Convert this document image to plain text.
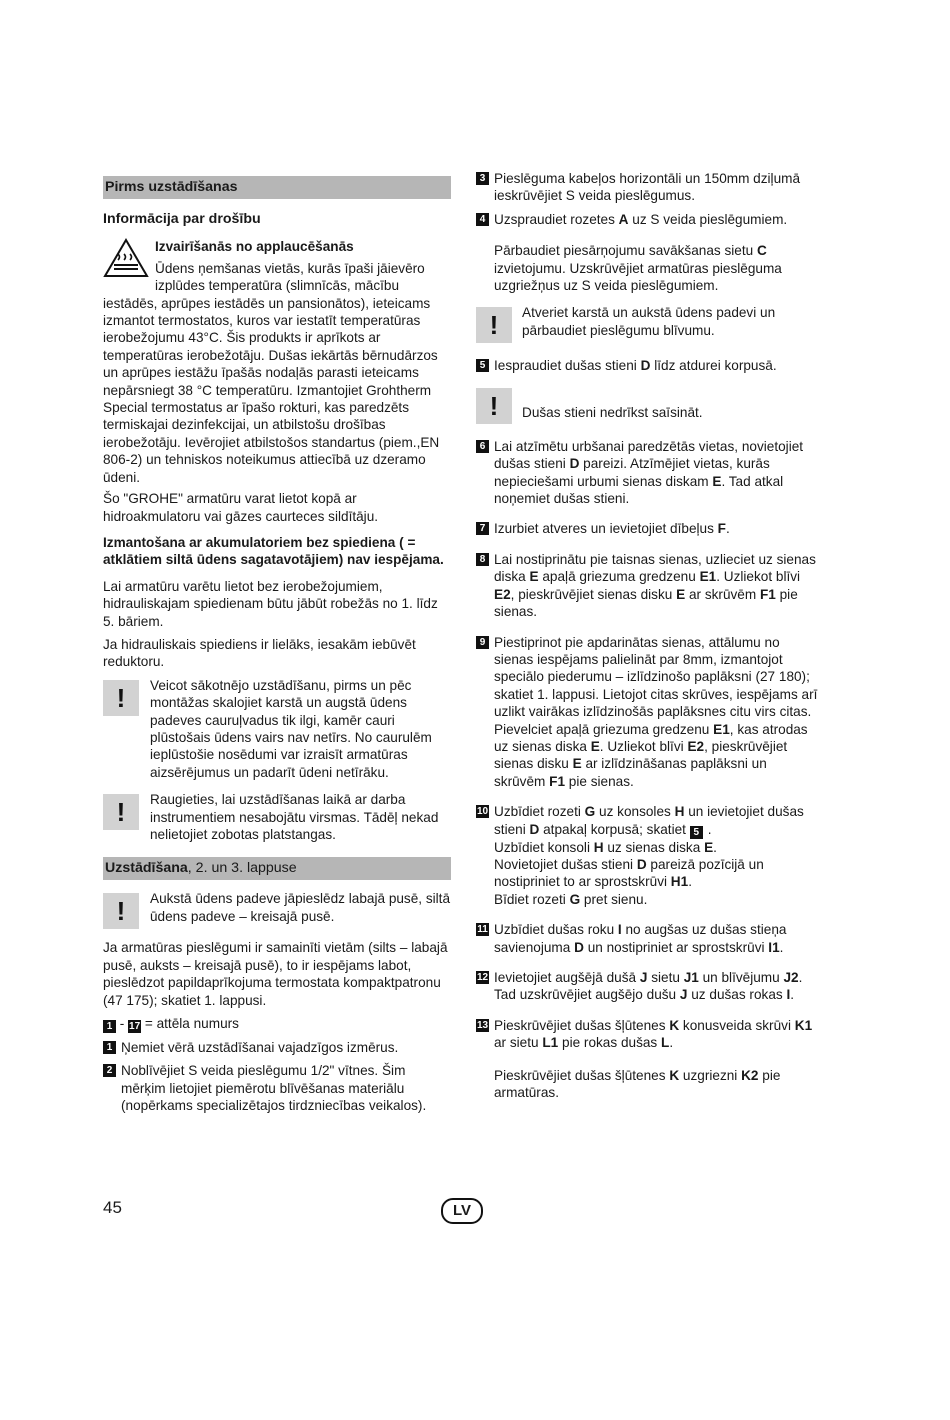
Pirms uzstādīšanas
Informācija par drošību
Izvairīšanās no applaucēšanās
Ūdens ņemšanas vietās, kurās īpaši jāievēro izplūdes temperatūra (slimnīcās, mācību

iestādēs, aprūpes iestādēs un pansionātos), ieteicams izmantot termostatos, kuros var iestatīt temperatūras ierobežojumu 43°C. Šis produkts ir aprīkots ar temperatūras ierobežotāju. Dušas iekārtās bērnudārzos un aprūpes iestāžu īpašās nodaļās parasti ieteicams nepārsniegt 38 °C temperatūru. Izmantojiet Grohtherm Special termostatus ar īpašo rokturi, kas paredzēts termiskajai dezinfekcijai, un atbilstošu drošības ierobežotāju. Ievērojiet atbilstošos standartus (piem.,EN 806-2) un tehniskos noteikumus attiecībā uz dzeramo ūdeni.

Šo "GROHE" armatūru varat lietot kopā ar hidroakmulatoru vai gāzes caurteces sildītāju.

Izmantošana ar akumulatoriem bez spiediena ( = atklātiem siltā ūdens sagatavotājiem) nav iespējama.

Lai armatūru varētu lietot bez ierobežojumiem, hidrauliskajam spiedienam būtu jābūt robežās no 1. līdz 5. bāriem.

Ja hidrauliskais spiediens ir lielāks, iesakām iebūvēt reduktoru.

!	Veicot sākotnējo uzstādīšanu, pirms un pēc montāžas skalojiet karstā un augstā ūdens padeves cauruļvadus tik ilgi, kamēr cauri plūstošais ūdens vairs nav netīrs. No caurulēm ieplūstošie nosēdumi var izraisīt armatūras aizsērējumus un padarīt ūdeni netīrāku.
!	Raugieties, lai uzstādīšanas laikā ar darba instrumentiem nesabojātu virsmas. Tādēļ nekad nelietojiet zobotas platstangas.
Uzstādīšana, 2. un 3. lappuse
!	Aukstā ūdens padeve jāpieslēdz labajā pusē, siltā ūdens padeve – kreisajā pusē.

Ja armatūras pieslēgumi ir samainīti vietām (silts – labajā pusē, auksts – kreisajā pusē), to ir iespējams labot, pieslēdzot papildaprīkojuma termostata kompaktpatronu (47 175); skatiet 1. lappusi.

1 - 17 = attēla numurs

1 Ņemiet vērā uzstādīšanai vajadzīgos izmērus.
2 Noblīvējiet S veida pieslēgumu 1/2" vītnes. Šim mērķim lietojiet piemērotu blīvēšanas materiālu (nopērkams specializētajos tirdzniecības veikalos).
3 Pieslēguma kabeļos horizontāli un 150mm dziļumā ieskrūvējiet S veida pieslēgumus.
4 Uzspraudiet rozetes A uz S veida pieslēgumiem.

Pārbaudiet piesārņojumu savākšanas sietu C izvietojumu. Uzskrūvējiet armatūras pieslēguma uzgriežņus uz S veida pieslēgumiem.

!	Atveriet karstā un aukstā ūdens padevi un pārbaudiet pieslēgumu blīvumu.
5 Iespraudiet dušas stieni D līdz atdurei korpusā.
!	Dušas stieni nedrīkst saīsināt.
6 Lai atzīmētu urbšanai paredzētās vietas, novietojiet dušas stieni D pareizi. Atzīmējiet vietas, kurās nepieciešami urbumi sienas diskam E. Tad atkal noņemiet dušas stieni.
7 Izurbiet atveres un ievietojiet dībeļus F.
8 Lai nostiprinātu pie taisnas sienas, uzlieciet uz sienas diska E apaļā griezuma gredzenu E1. Uzliekot blīvi E2, pieskrūvējiet sienas disku E ar skrūvēm F1 pie sienas.
9 Piestiprinot pie apdarinātas sienas, attālumu no sienas iespējams palielināt par 8mm, izmantojot speciālo piederumu – izlīdzinošo paplāksni (27 180); skatiet 1. lappusi. Lietojot citas skrūves, iespējams arī uzlikt vairākas izlīdzinošās paplāksnes citu virs citas. Pievelciet apaļā griezuma gredzenu E1, kas atrodas uz sienas diska E. Uzliekot blīvi E2, pieskrūvējiet sienas disku E ar izlīdzināšanas paplāksni un skrūvēm F1 pie sienas.
10 Uzbīdiet rozeti G uz konsoles H un ievietojiet dušas stieni D atpakaļ korpusā; skatiet 5 .

Uzbīdiet konsoli H uz sienas diska E.

Novietojiet dušas stieni D pareizā pozīcijā un nostipriniet to ar sprostskrūvi H1.

Bīdiet rozeti G pret sienu.

11 Uzbīdiet dušas roku I no augšas uz dušas stieņa savienojuma D un nostipriniet ar sprostskrūvi I1.
12 Ievietojiet augšējā dušā J sietu J1 un blīvējumu J2. Tad uzskrūvējiet augšējo dušu J uz dušas rokas I.
13 Pieskrūvējiet dušas šļūtenes K konusveida skrūvi K1 ar sietu L1 pie rokas dušas L.

Pieskrūvējiet dušas šļūtenes K uzgriezni K2 pie armatūras.

45	LV
